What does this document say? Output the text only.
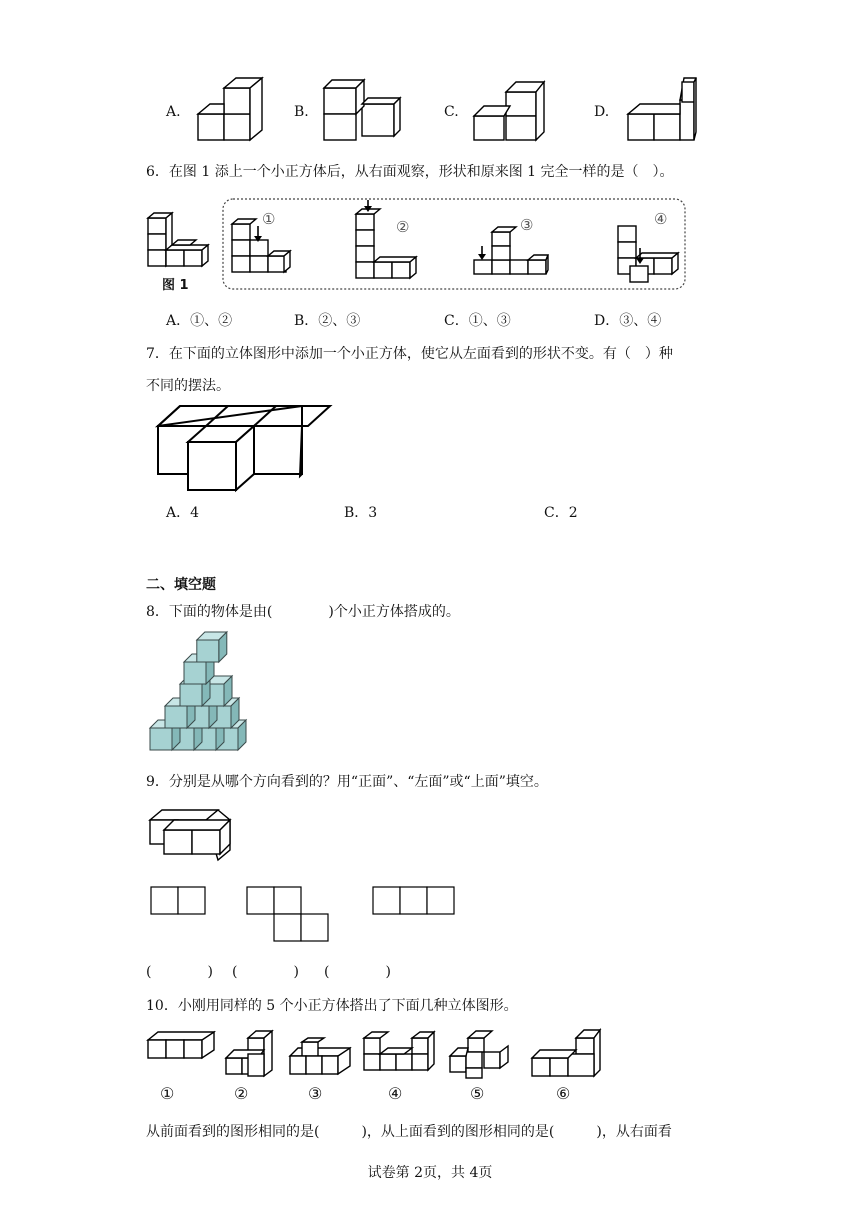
A.	B.	C.	D.
6．在图 1 添上一个小正方体后，从右面观察，形状和原来图 1 完全一样的是（　）。
图 1
①	②	③	④
A．①、②	B．②、③	C．①、③	D．③、④
7．在下面的立体图形中添加一个小正方体，使它从左面看到的形状不变。有（　）种
不同的摆法。
A．4	B．3	C．2
二、填空题
8．下面的物体是由(　　　　)个小正方体搭成的。
9．分别是从哪个方向看到的？用“正面”、“左面”或“上面”填空。
(　　　　) (　　　　) (　　　　)
10．小刚用同样的 5 个小正方体搭出了下面几种立体图形。
①	②	③	④	⑤	⑥
从前面看到的图形相同的是(　　　)，从上面看到的图形相同的是(　　　)，从右面看
试卷第 2页，共 4页
